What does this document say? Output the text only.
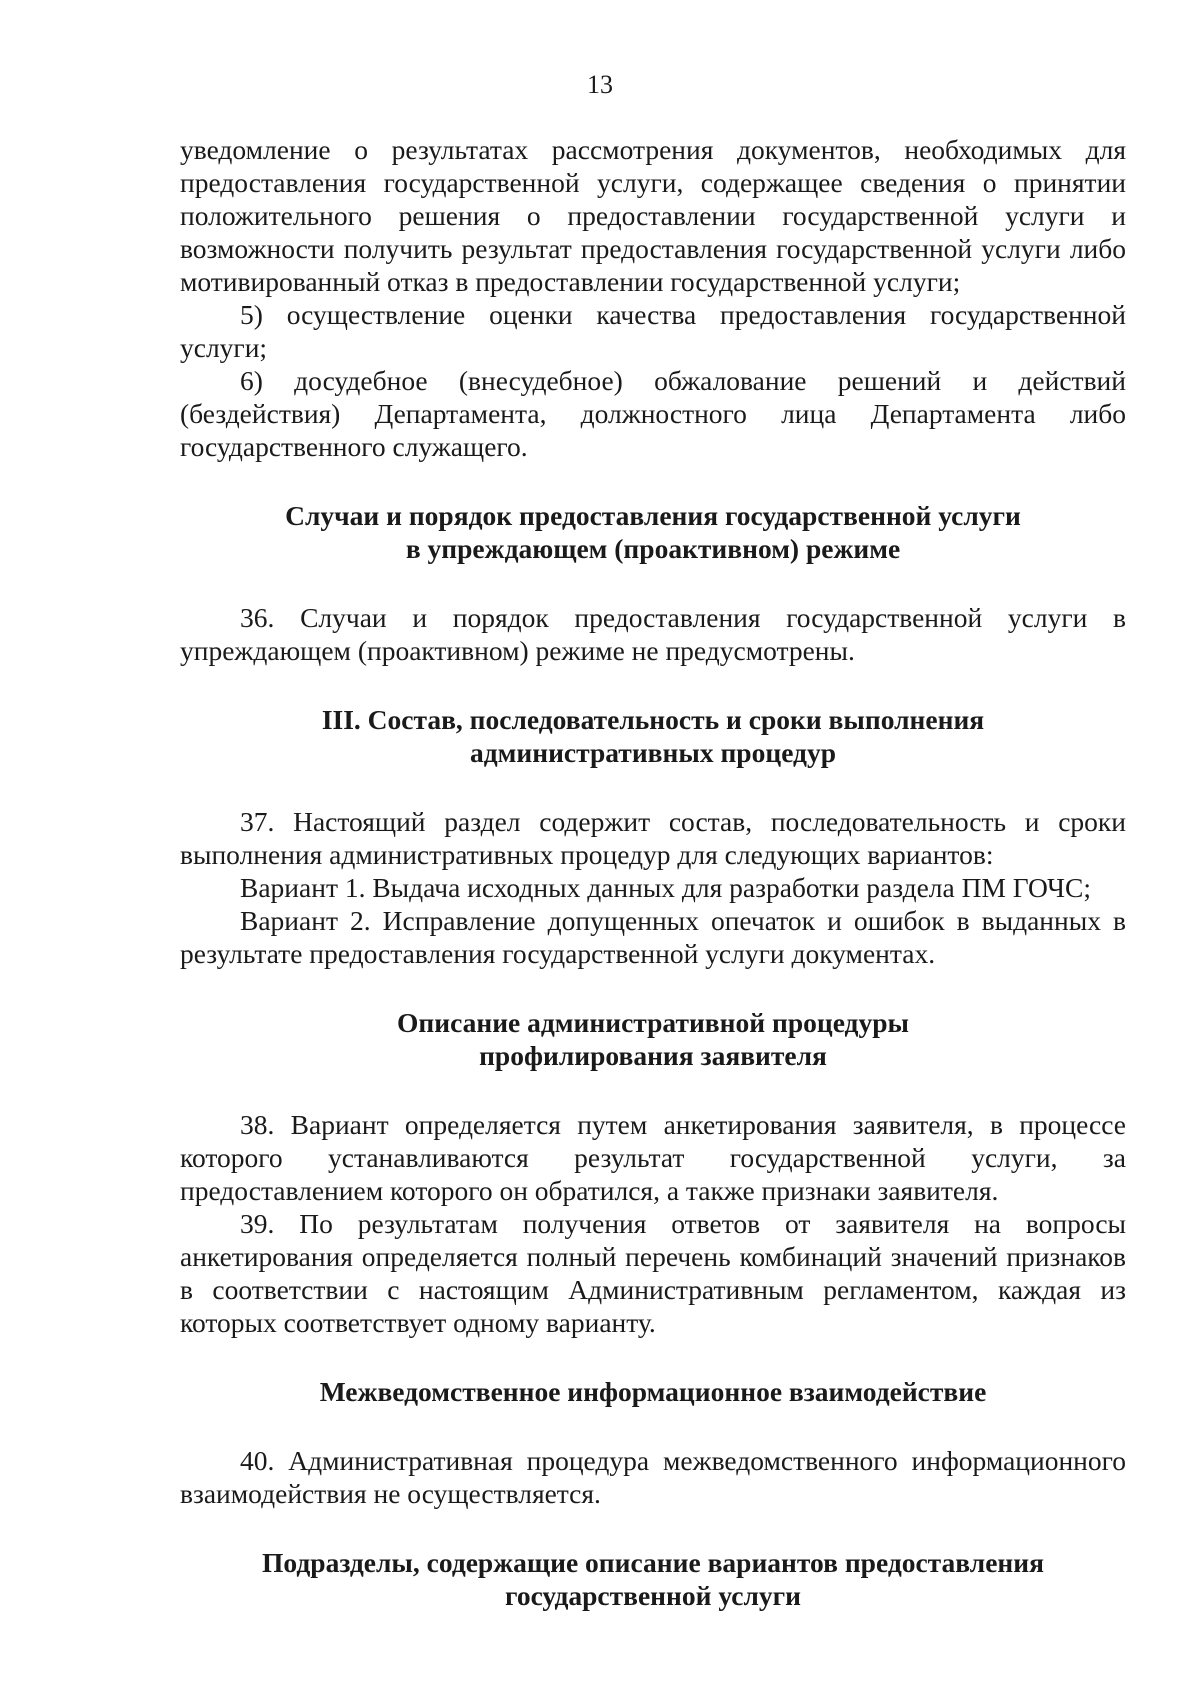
13

уведомление о результатах рассмотрения документов, необходимых для предоставления государственной услуги, содержащее сведения о принятии положительного решения о предоставлении государственной услуги и возможности получить результат предоставления государственной услуги либо мотивированный отказ в предоставлении государственной услуги;

5) осуществление оценки качества предоставления государственной услуги;

6) досудебное (внесудебное) обжалование решений и действий (бездействия) Департамента, должностного лица Департамента либо государственного служащего.

Случаи и порядок предоставления государственной услуги
в упреждающем (проактивном) режиме

36. Случаи и порядок предоставления государственной услуги в упреждающем (проактивном) режиме не предусмотрены.

III. Состав, последовательность и сроки выполнения
административных процедур

37. Настоящий раздел содержит состав, последовательность и сроки выполнения административных процедур для следующих вариантов:

Вариант 1. Выдача исходных данных для разработки раздела ПМ ГОЧС;

Вариант 2. Исправление допущенных опечаток и ошибок в выданных в результате предоставления государственной услуги документах.

Описание административной процедуры
профилирования заявителя

38. Вариант определяется путем анкетирования заявителя, в процессе которого устанавливаются результат государственной услуги, за предоставлением которого он обратился, а также признаки заявителя.

39. По результатам получения ответов от заявителя на вопросы анкетирования определяется полный перечень комбинаций значений признаков в соответствии с настоящим Административным регламентом, каждая из которых соответствует одному варианту.

Межведомственное информационное взаимодействие

40. Административная процедура межведомственного информационного взаимодействия не осуществляется.

Подразделы, содержащие описание вариантов предоставления
государственной услуги
